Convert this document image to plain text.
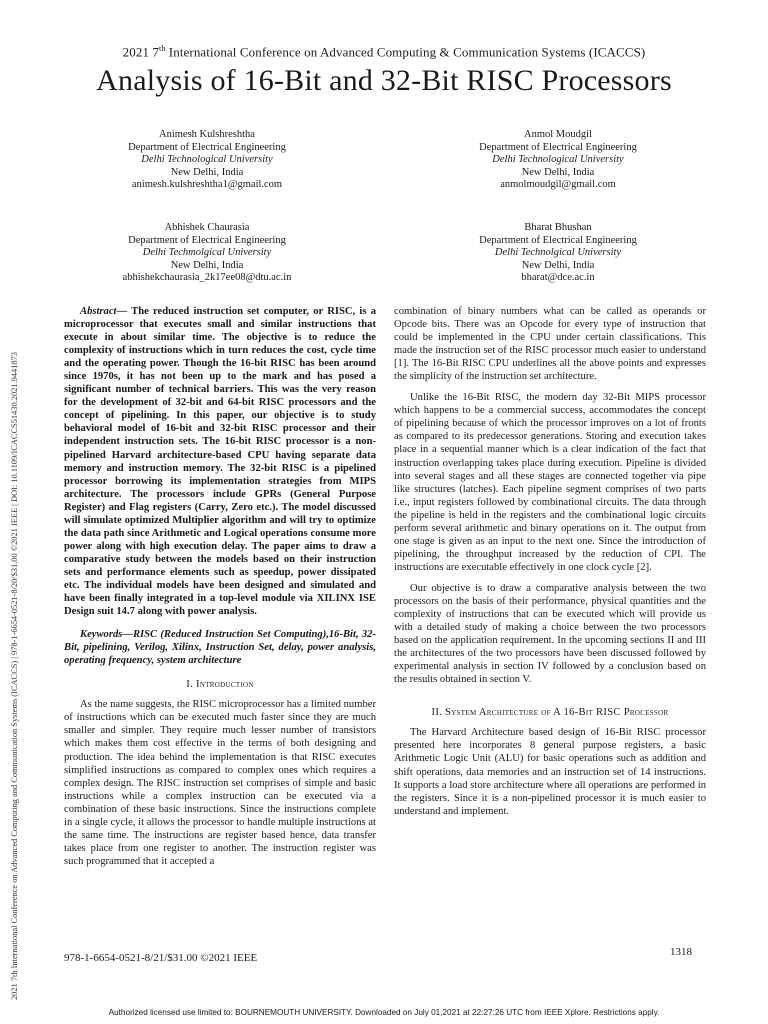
2021 7th International Conference on Advanced Computing & Communication Systems (ICACCS)
Analysis of 16-Bit and 32-Bit RISC Processors
Animesh Kulshreshtha
Department of Electrical Engineering
Delhi Technological University
New Delhi, India
animesh.kulshreshtha1@gmail.com
Anmol Moudgil
Department of Electrical Engineering
Delhi Technological University
New Delhi, India
anmolmoudgil@gmail.com
Abhishek Chaurasia
Department of Electrical Engineering
Delhi Techmolgical University
New Delhi, India
abhishekchaurasia_2k17ee08@dtu.ac.in
Bharat Bhushan
Department of Electrical Engineering
Delhi Technolgical University
New Delhi, India
bharat@dce.ac.in
2021 7th International Conference on Advanced Computing and Communication Systems (ICACCS) | 978-1-6654-0521-8/20/$31.00 ©2021 IEEE | DOI: 10.1109/ICACCS51430.2021.9441873

Abstract— The reduced instruction set computer, or RISC, is a microprocessor that executes small and similar instructions that execute in about similar time. The objective is to reduce the complexity of instructions which in turn reduces the cost, cycle time and the operating power. Though the 16-bit RISC has been around since 1970s, it has not been up to the mark and has posed a significant number of technical barriers. This was the very reason for the development of 32-bit and 64-bit RISC processors and the concept of pipelining. In this paper, our objective is to study behavioral model of 16-bit and 32-bit RISC processor and their independent instruction sets. The 16-bit RISC processor is a non-pipelined Harvard architecture-based CPU having separate data memory and instruction memory. The 32-bit RISC is a pipelined processor borrowing its implementation strategies from MIPS architecture. The processors include GPRs (General Purpose Register) and Flag registers (Carry, Zero etc.). The model discussed will simulate optimized Multiplier algorithm and will try to optimize the data path since Arithmetic and Logical operations consume more power along with high execution delay. The paper aims to draw a comparative study between the models based on their instruction sets and performance elements such as speedup, power dissipated etc. The individual models have been designed and simulated and have been finally integrated in a top-level module via XILINX ISE Design suit 14.7 along with power analysis.

Keywords—RISC (Reduced Instruction Set Computing),16-Bit, 32-Bit, pipelining, Verilog, Xilinx, Instruction Set, delay, power analysis, operating frequency, system architecture

I. Introduction

As the name suggests, the RISC microprocessor has a limited number of instructions which can be executed much faster since they are much smaller and simpler. They require much lesser number of transistors which makes them cost effective in the terms of both designing and production. The idea behind the implementation is that RISC executes simplified instructions as compared to complex ones which requires a complex design. The RISC instruction set comprises of simple and basic instructions while a complex instruction can be executed via a combination of these basic instructions. Since the instructions complete in a single cycle, it allows the processor to handle multiple instructions at the same time. The instructions are register based hence, data transfer takes place from one register to another. The instruction register was such programmed that it accepted a

combination of binary numbers what can be called as operands or Opcode bits. There was an Opcode for every type of instruction that could be implemented in the CPU under certain classifications. This made the instruction set of the RISC processor much easier to understand [1]. The 16-Bit RISC CPU underlines all the above points and expresses the simplicity of the instruction set architecture.

Unlike the 16-Bit RISC, the modern day 32-Bit MIPS processor which happens to be a commercial success, accommodates the concept of pipelining because of which the processor improves on a lot of fronts as compared to its predecessor generations. Storing and execution takes place in a sequential manner which is a clear indication of the fact that instruction overlapping takes place during execution. Pipeline is divided into several stages and all these stages are connected together via pipe like structures (latches). Each pipeline segment comprises of two parts i.e., input registers followed by combinational circuits. The data through the pipeline is held in the registers and the combinational logic circuits perform several arithmetic and binary operations on it. The output from one stage is given as an input to the next one. Since the introduction of pipelining, the throughput increased by the reduction of CPI. The instructions are executable effectively in one clock cycle [2].

Our objective is to draw a comparative analysis between the two processors on the basis of their performance, physical quantities and the complexity of instructions that can be executed which will provide us with a detailed study of making a choice between the two processors based on the application requirement. In the upcoming sections II and III the architectures of the two processors have been discussed followed by experimental analysis in section IV followed by a conclusion based on the results obtained in section V.

II. System Architecture of A 16-Bit RISC Processor

The Harvard Architecture based design of 16-Bit RISC processor presented here incorporates 8 general purpose registers, a basic Arithmetic Logic Unit (ALU) for basic operations such as addition and shift operations, data memories and an instruction set of 14 instructions. It supports a load store architecture where all operations are performed in the registers. Since it is a non-pipelined processor it is much easier to understand and implement.

978-1-6654-0521-8/21/$31.00 ©2021 IEEE	1318
Authorized licensed use limited to: BOURNEMOUTH UNIVERSITY. Downloaded on July 01,2021 at 22:27:26 UTC from IEEE Xplore. Restrictions apply.
